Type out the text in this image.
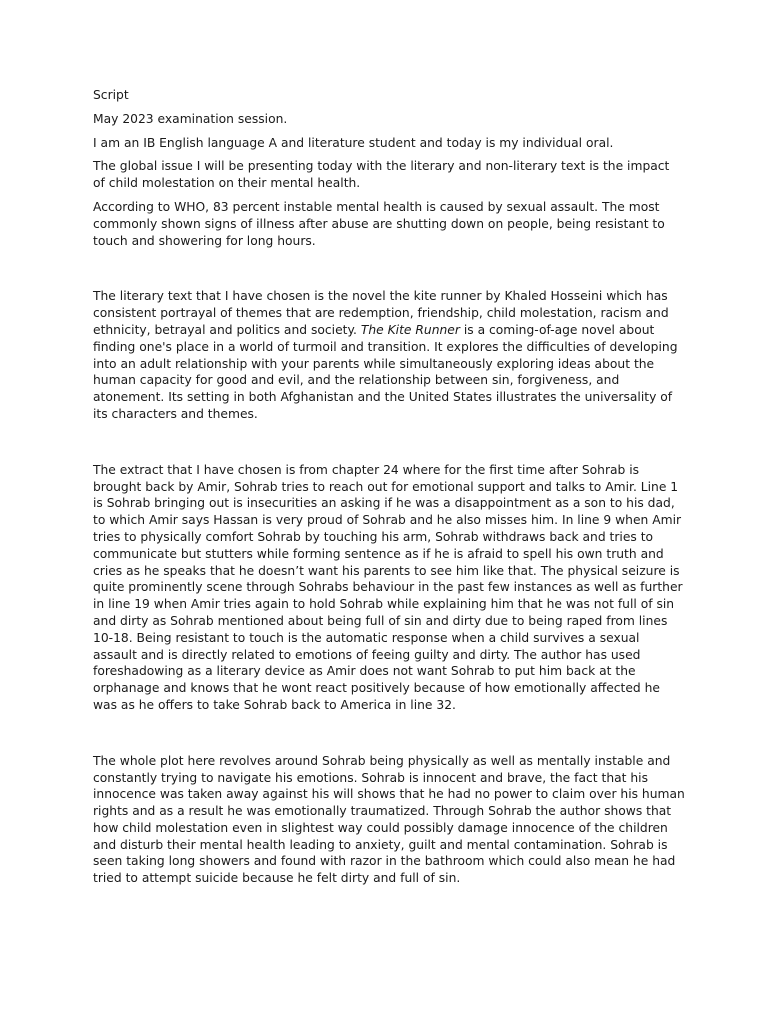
Script

May 2023 examination session.

I am an IB English language A and literature student and today is my individual oral.

The global issue I will be presenting today with the literary and non-literary text is the impact of child molestation on their mental health.

According to WHO, 83 percent instable mental health is caused by sexual assault. The most commonly shown signs of illness after abuse are shutting down on people, being resistant to touch and showering for long hours.

The literary text that I have chosen is the novel the kite runner by Khaled Hosseini which has consistent portrayal of themes that are redemption, friendship, child molestation, racism and ethnicity, betrayal and politics and society. The Kite Runner is a coming-of-age novel about finding one's place in a world of turmoil and transition. It explores the difficulties of developing into an adult relationship with your parents while simultaneously exploring ideas about the human capacity for good and evil, and the relationship between sin, forgiveness, and atonement. Its setting in both Afghanistan and the United States illustrates the universality of its characters and themes.

The extract that I have chosen is from chapter 24 where for the first time after Sohrab is brought back by Amir, Sohrab tries to reach out for emotional support and talks to Amir. Line 1 is Sohrab bringing out is insecurities an asking if he was a disappointment as a son to his dad, to which Amir says Hassan is very proud of Sohrab and he also misses him. In line 9 when Amir tries to physically comfort Sohrab by touching his arm, Sohrab withdraws back and tries to communicate but stutters while forming sentence as if he is afraid to spell his own truth and cries as he speaks that he doesn’t want his parents to see him like that. The physical seizure is quite prominently scene through Sohrabs behaviour in the past few instances as well as further in line 19 when Amir tries again to hold Sohrab while explaining him that he was not full of sin and dirty as Sohrab mentioned about being full of sin and dirty due to being raped from lines 10-18. Being resistant to touch is the automatic response when a child survives a sexual assault and is directly related to emotions of feeing guilty and dirty. The author has used foreshadowing as a literary device as Amir does not want Sohrab to put him back at the orphanage and knows that he wont react positively because of how emotionally affected he was as he offers to take Sohrab back to America in line 32.

The whole plot here revolves around Sohrab being physically as well as mentally instable and constantly trying to navigate his emotions. Sohrab is innocent and brave, the fact that his innocence was taken away against his will shows that he had no power to claim over his human rights and as a result he was emotionally traumatized. Through Sohrab the author shows that how child molestation even in slightest way could possibly damage innocence of the children and disturb their mental health leading to anxiety, guilt and mental contamination. Sohrab is seen taking long showers and found with razor in the bathroom which could also mean he had tried to attempt suicide because he felt dirty and full of sin.
